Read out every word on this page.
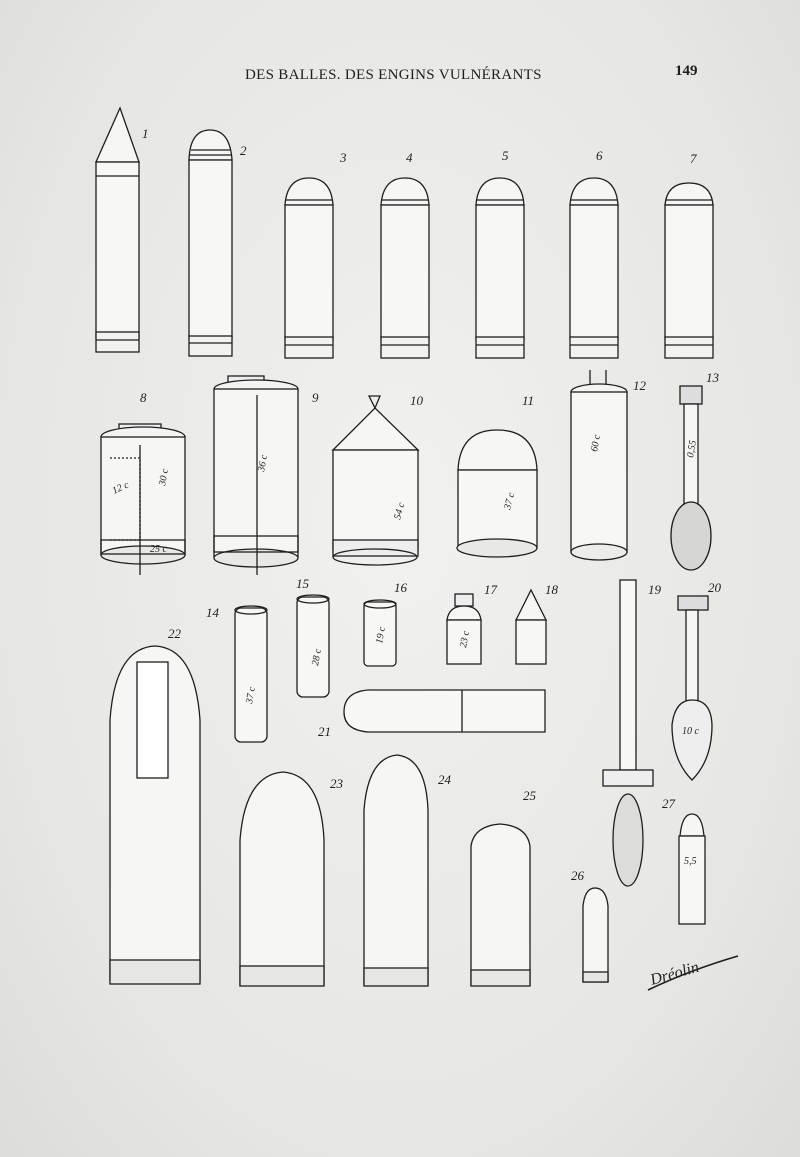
DES BALLES. DES ENGINS VULNÉRANTS	149
1
2	3	4	5	6	7
8	9	10	11
12
13
14
15	16	17	18	19	20
21
22
23	24
25
26
27
12 c
30 c
25 c
36 c
54 c
37 c
60 c	0,55
37 c
28 c
19 c	23 c
10 c
5,5
Dréolin
